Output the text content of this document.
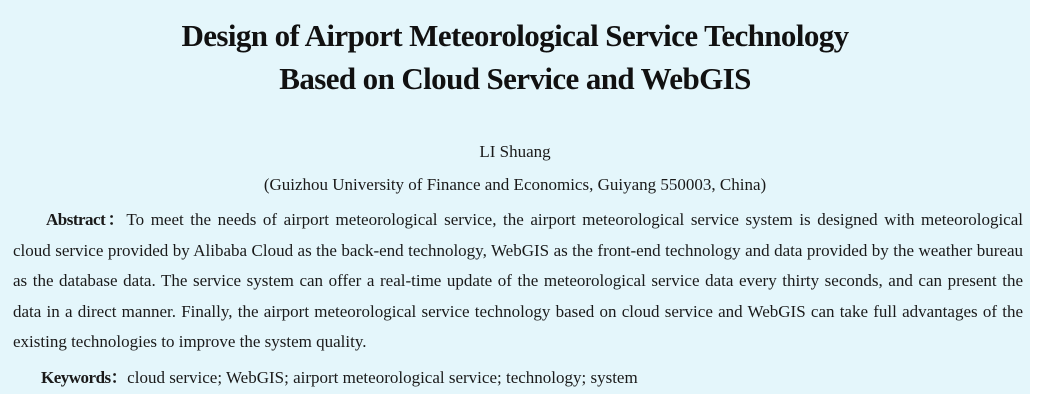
Design of Airport Meteorological Service Technology
Based on Cloud Service and WebGIS
LI Shuang
(Guizhou University of Finance and Economics, Guiyang 550003, China)
Abstract：To meet the needs of airport meteorological service, the airport meteorological service system is designed with meteorological cloud service provided by Alibaba Cloud as the back-end technology, WebGIS as the front-end technology and data provided by the weather bureau as the database data. The service system can offer a real-time update of the meteorological service data every thirty seconds, and can present the data in a direct manner. Finally, the airport meteorological service technology based on cloud service and WebGIS can take full advantages of the existing technologies to improve the system quality.
Keywords：cloud service; WebGIS; airport meteorological service; technology; system
